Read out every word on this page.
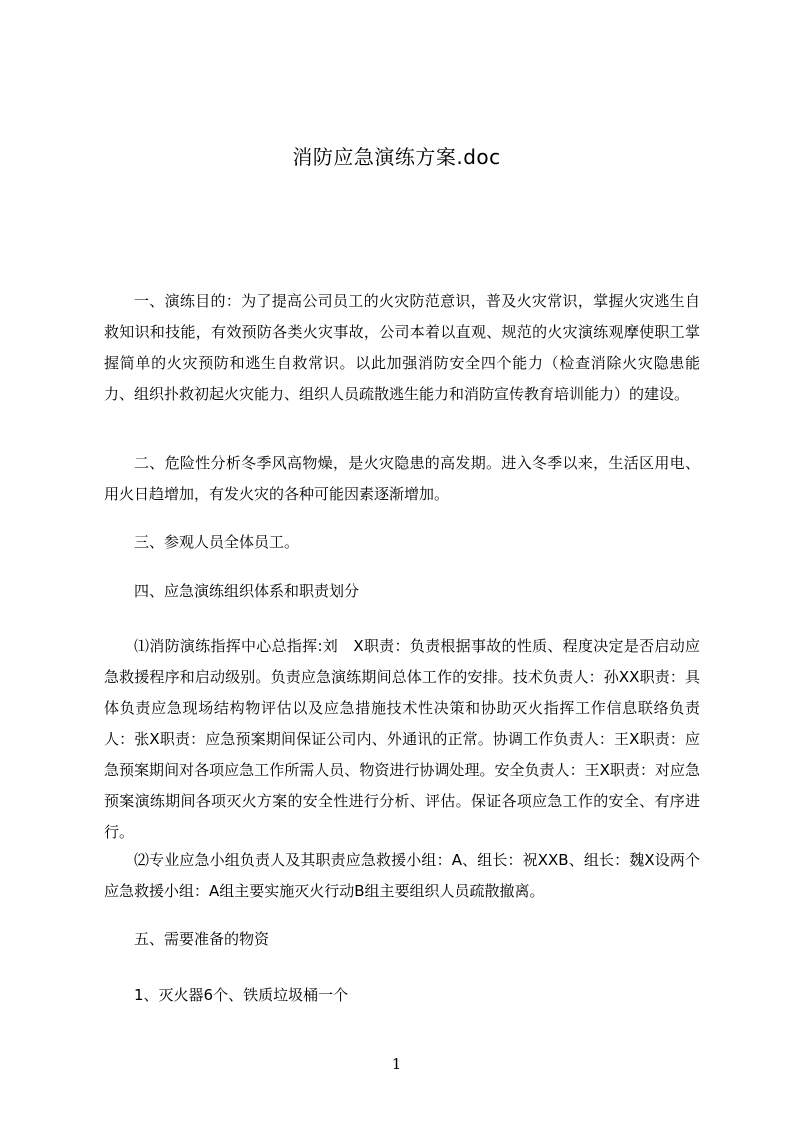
消防应急演练方案.doc

一、演练目的：为了提高公司员工的火灾防范意识，普及火灾常识，掌握火灾逃生自救知识和技能，有效预防各类火灾事故，公司本着以直观、规范的火灾演练观摩使职工掌握简单的火灾预防和逃生自救常识。以此加强消防安全四个能力（检查消除火灾隐患能力、组织扑救初起火灾能力、组织人员疏散逃生能力和消防宣传教育培训能力）的建设。

二、危险性分析冬季风高物燥，是火灾隐患的高发期。进入冬季以来，生活区用电、用火日趋增加，有发火灾的各种可能因素逐渐增加。

三、参观人员全体员工。

四、应急演练组织体系和职责划分

⑴消防演练指挥中心总指挥:刘　X职责：负责根据事故的性质、程度决定是否启动应急救援程序和启动级别。负责应急演练期间总体工作的安排。技术负责人：孙XX职责：具体负责应急现场结构物评估以及应急措施技术性决策和协助灭火指挥工作信息联络负责人：张X职责：应急预案期间保证公司内、外通讯的正常。协调工作负责人：王X职责：应急预案期间对各项应急工作所需人员、物资进行协调处理。安全负责人：王X职责：对应急预案演练期间各项灭火方案的安全性进行分析、评估。保证各项应急工作的安全、有序进行。

⑵专业应急小组负责人及其职责应急救援小组：A、组长：祝XXB、组长：魏X设两个应急救援小组：A组主要实施灭火行动B组主要组织人员疏散撤离。

五、需要准备的物资

1、灭火器6个、铁质垃圾桶一个

1
